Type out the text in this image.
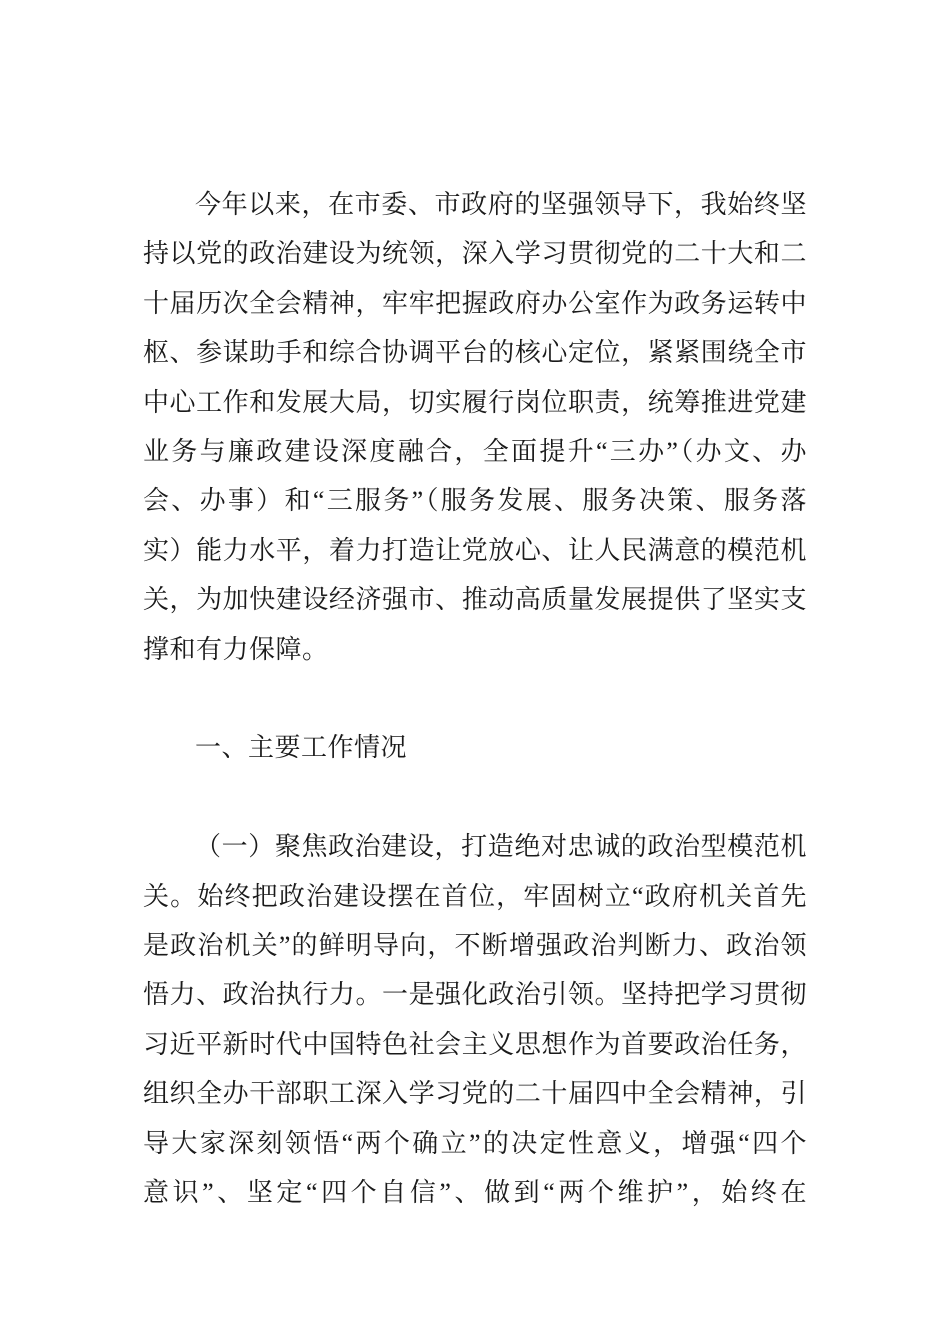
今年以来，在市委、市政府的坚强领导下，我始终坚
持以党的政治建设为统领，深入学习贯彻党的二十大和二
十届历次全会精神，牢牢把握政府办公室作为政务运转中
枢、参谋助手和综合协调平台的核心定位，紧紧围绕全市
中心工作和发展大局，切实履行岗位职责，统筹推进党建
业务与廉政建设深度融合，全面提升“三办”（办文、办
会、办事）和“三服务”（服务发展、服务决策、服务落
实）能力水平，着力打造让党放心、让人民满意的模范机
关，为加快建设经济强市、推动高质量发展提供了坚实支
撑和有力保障。
一、主要工作情况
（一）聚焦政治建设，打造绝对忠诚的政治型模范机
关。始终把政治建设摆在首位，牢固树立“政府机关首先
是政治机关”的鲜明导向，不断增强政治判断力、政治领
悟力、政治执行力。一是强化政治引领。坚持把学习贯彻
习近平新时代中国特色社会主义思想作为首要政治任务，
组织全办干部职工深入学习党的二十届四中全会精神，引
导大家深刻领悟“两个确立”的决定性意义，增强“四个
意识”、坚定“四个自信”、做到“两个维护”，始终在
